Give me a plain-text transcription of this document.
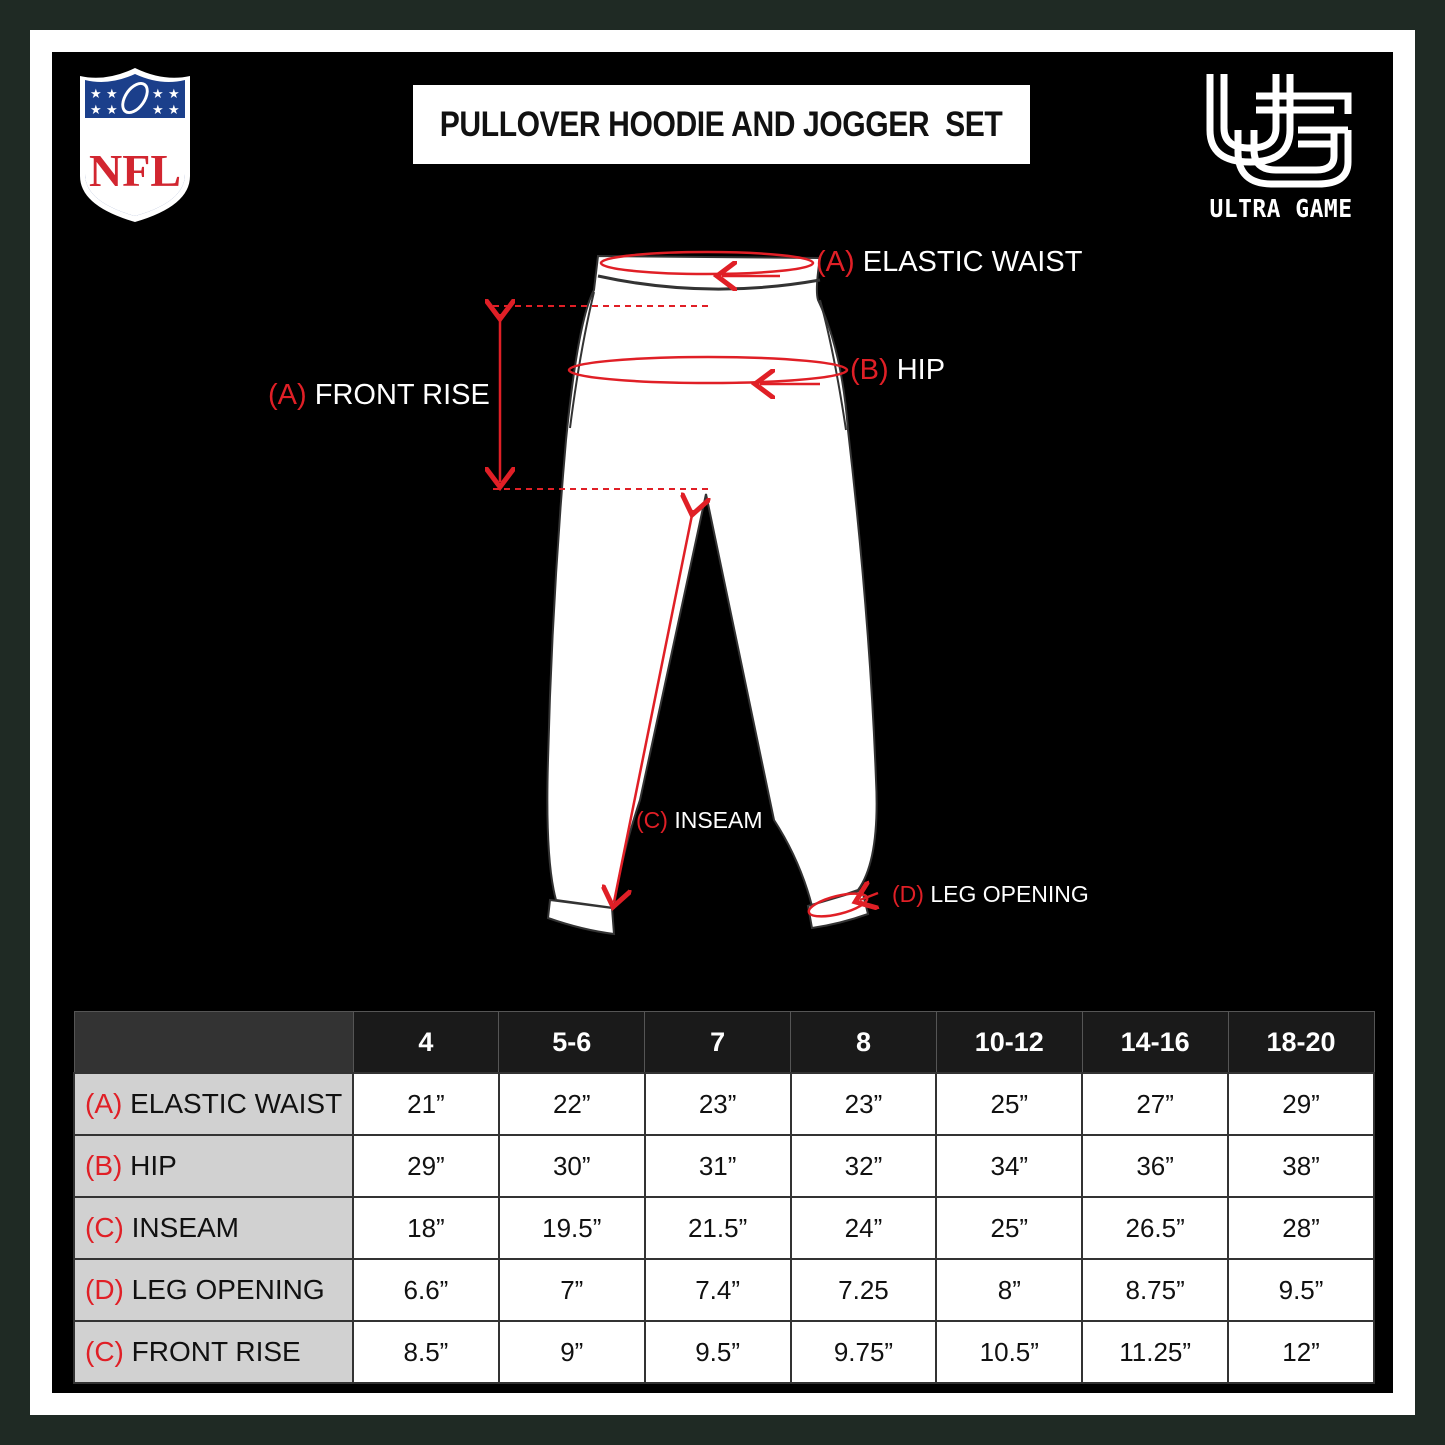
★ ★	★ ★
★ ★	★ ★
NFL
ULTRA GAME
PULLOVER HOODIE AND JOGGER  SET
(A) ELASTIC WAIST
(B) HIP
(A) FRONT RISE
(C) INSEAM
(D) LEG OPENING
	4	5-6	7	8	10-12	14-16	18-20
(A) ELASTIC WAIST	21”	22”	23”	23”	25”	27”	29”
(B) HIP	29”	30”	31”	32”	34”	36”	38”
(C) INSEAM	18”	19.5”	21.5”	24”	25”	26.5”	28”
(D) LEG OPENING	6.6”	7”	7.4”	7.25	8”	8.75”	9.5”
(C) FRONT RISE	8.5”	9”	9.5”	9.75”	10.5”	11.25”	12”
